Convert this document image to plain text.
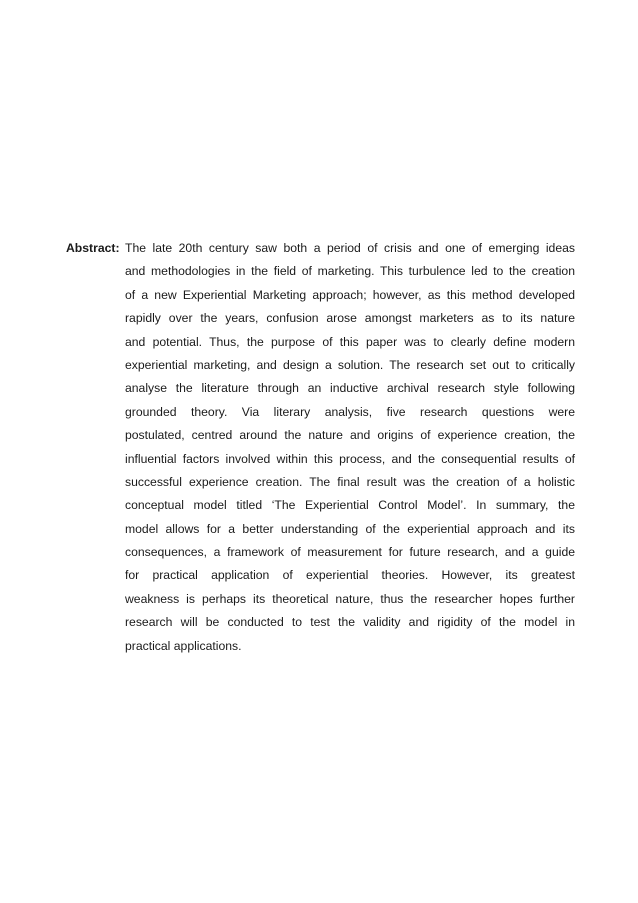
Abstract: The late 20th century saw both a period of crisis and one of emerging ideas
and methodologies in the field of marketing. This turbulence led to the creation
of a new Experiential Marketing approach; however, as this method developed
rapidly over the years, confusion arose amongst marketers as to its nature
and potential. Thus, the purpose of this paper was to clearly define modern
experiential marketing, and design a solution. The research set out to critically
analyse the literature through an inductive archival research style following
grounded theory. Via literary analysis, five research questions were
postulated, centred around the nature and origins of experience creation, the
influential factors involved within this process, and the consequential results of
successful experience creation. The final result was the creation of a holistic
conceptual model titled ‘The Experiential Control Model’. In summary, the
model allows for a better understanding of the experiential approach and its
consequences, a framework of measurement for future research, and a guide
for practical application of experiential theories. However, its greatest
weakness is perhaps its theoretical nature, thus the researcher hopes further
research will be conducted to test the validity and rigidity of the model in
practical applications.
